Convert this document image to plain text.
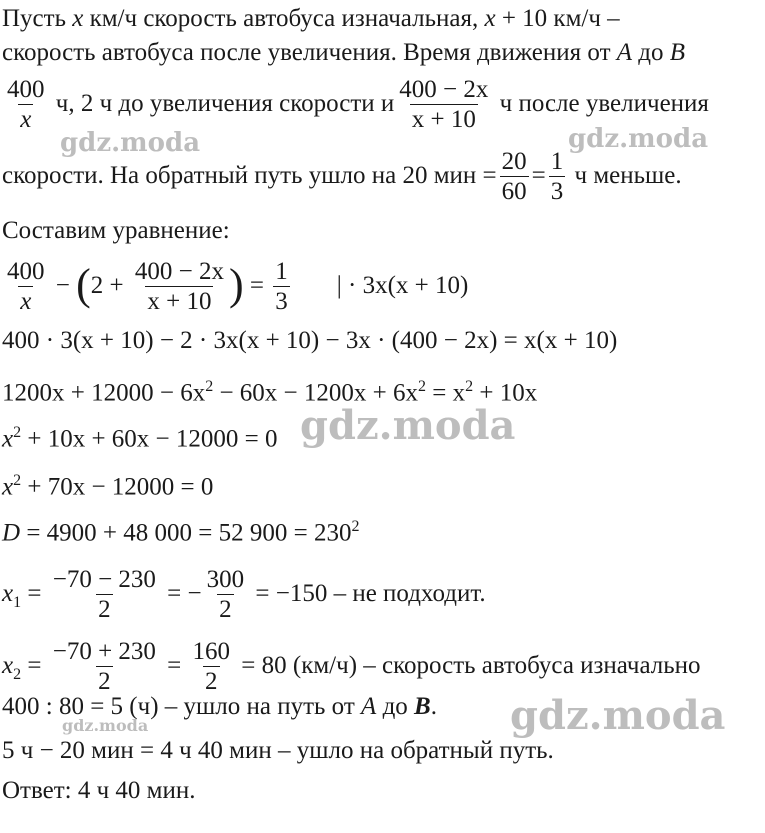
Пусть x км/ч скорость автобуса изначальная, x + 10 км/ч –
скорость автобуса после увеличения. Время движения от A до B
$\frac{400}{x} ч$, 2 ч до увеличения скорости и $\frac{400 - 2x}{x + 10}$ ч после увеличения
скорости. На обратный путь ушло на 20 мин = $\frac{20}{60} = \frac{1}{3}$ ч меньше.
Составим уравнение:
$\frac{400}{x} - (2 + \frac{400 - 2x}{x + 10}$ ) = $\frac{1}{3}$ | · 3x(x + 10)
400 · 3(x + 10) − 2 · 3x(x + 10) − 3x · (400 − 2x) = x(x + 10)
$1200x + 12000 - 6x^2 - 60x - 1200x + 6x^2 = x^2 + 10x$
$x^2 + 10x + 60x - 12000 = 0$
$x^2 + 70x - 12000 = 0$
D = 4900 + 48 000 = 52 $900 = 230^2$
$x_1 = \frac{-70 - 230}{2}$ = − $\frac{300}{2} = -150$ – не подходит.
$x_2 = \frac{-70 + 230}{2} = \frac{160}{2} = 80$ (км/ч) – скорость автобуса изначально
400 : 80 = 5 (ч) – ушло на путь от A до B.
5 ч − 20 мин = 4 ч 40 мин – ушло на обратный путь.
Ответ: 4 ч 40 мин.
gdz.moda	gdz.moda
gdz.moda
gdz.moda
gdz.moda
